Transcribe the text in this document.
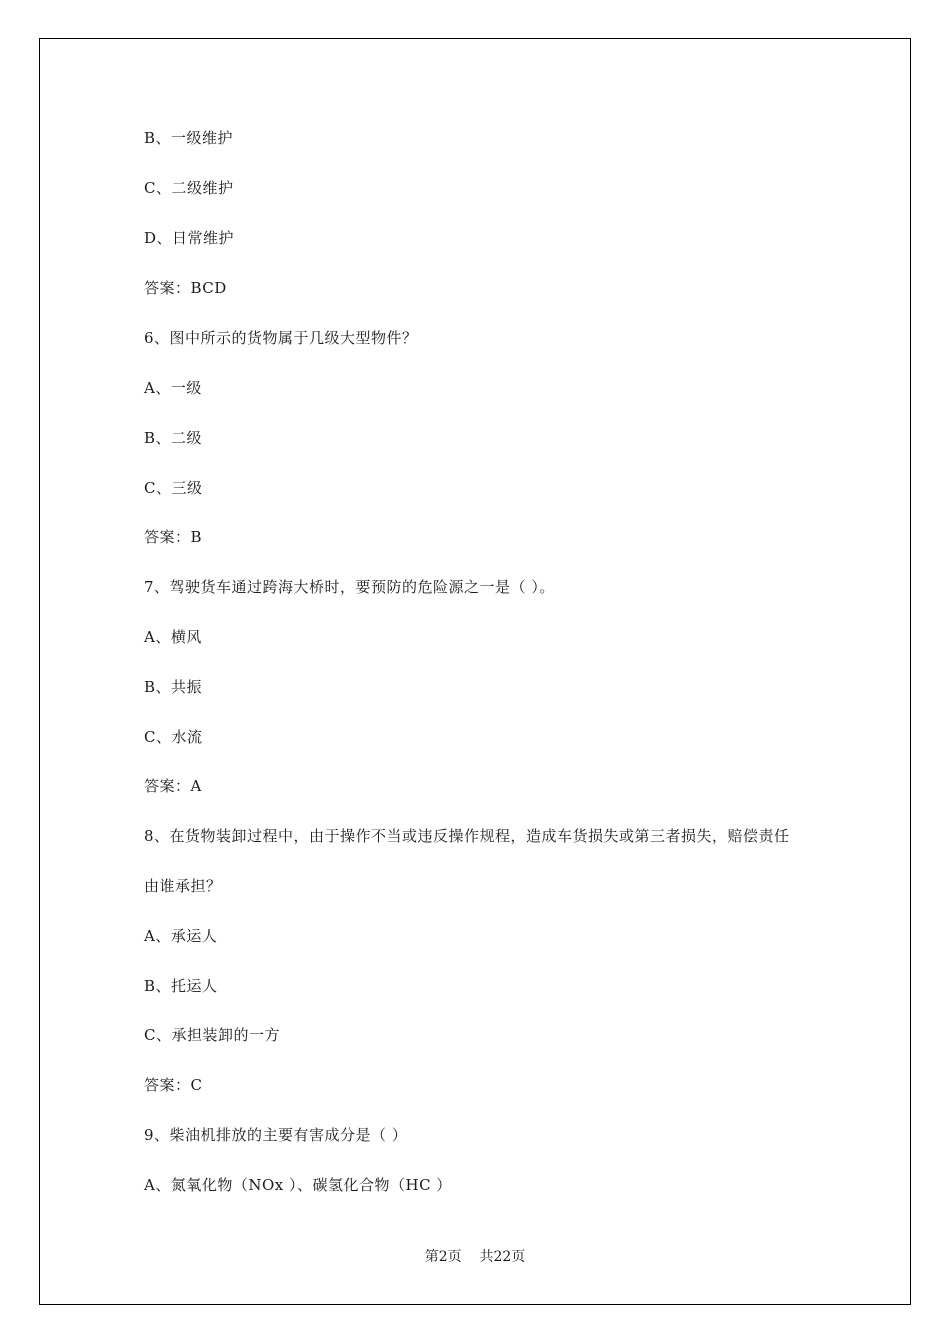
B、一级维护
C、二级维护
D、日常维护
答案：BCD
6、图中所示的货物属于几级大型物件？
A、一级
B、二级
C、三级
答案：B
7、驾驶货车通过跨海大桥时，要预防的危险源之一是（ ）。
A、横风
B、共振
C、水流
答案：A
8、在货物装卸过程中，由于操作不当或违反操作规程，造成车货损失或第三者损失，赔偿责任
由谁承担？
A、承运人
B、托运人
C、承担装卸的一方
答案：C
9、柴油机排放的主要有害成分是（ ）
A、氮氧化物（NOx ）、碳氢化合物（HC ）
第2页    共22页
